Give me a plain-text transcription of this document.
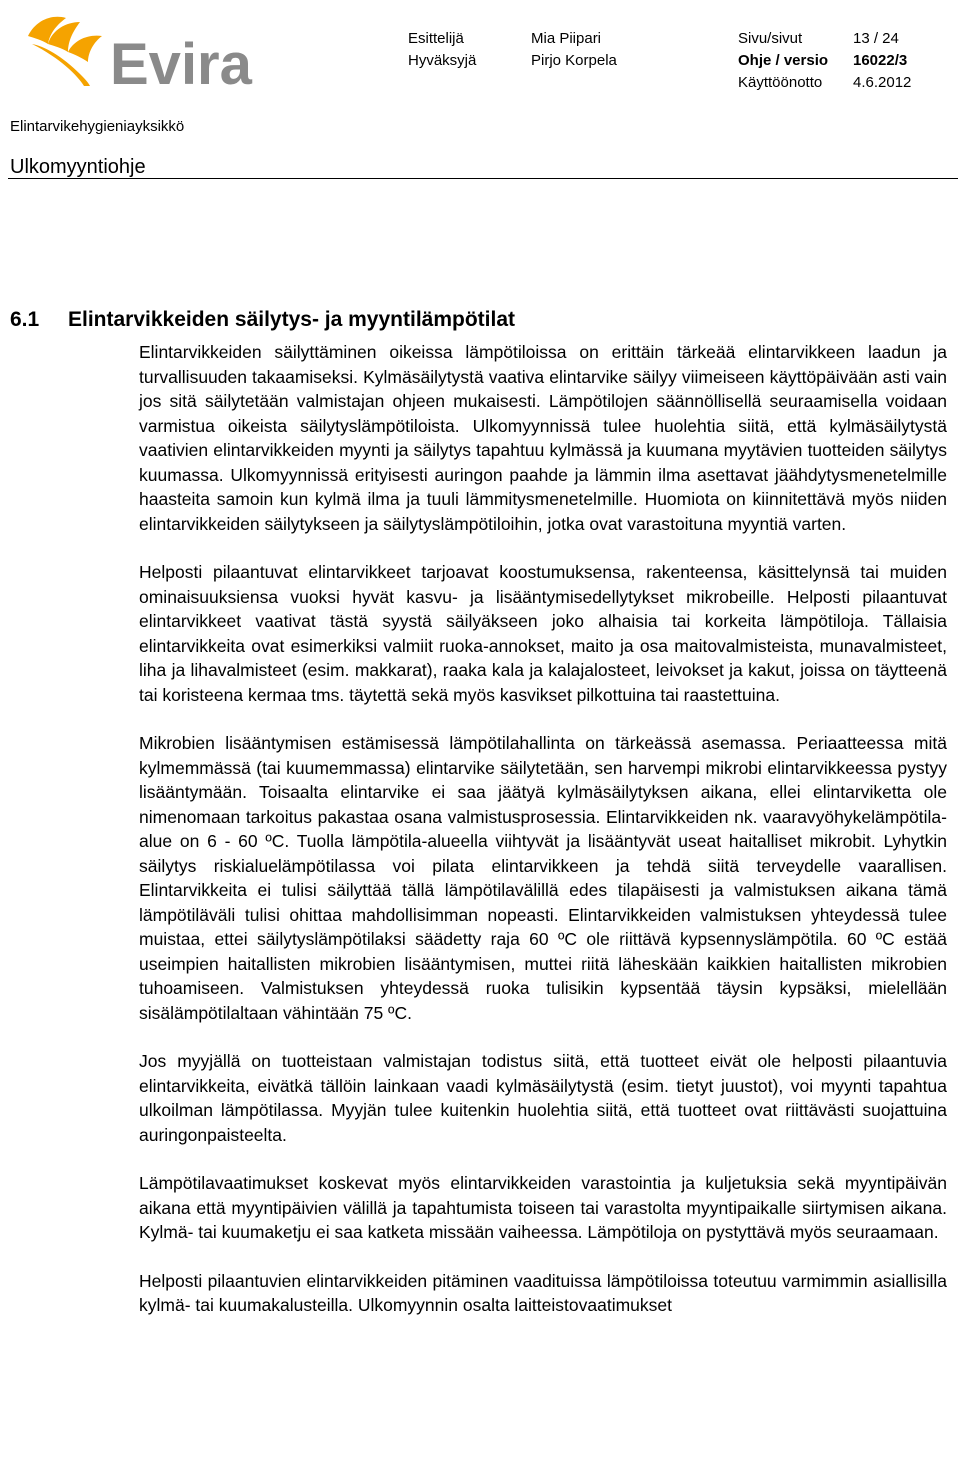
Evira	Esittelijä	Mia Piipari	Sivu/sivut	13 / 24
Hyväksyjä	Pirjo Korpela	Ohje / versio 16022/3
Käyttöönotto 4.6.2012
Elintarvikehygieniayksikkö
Ulkomyyntiohje
6.1 Elintarvikkeiden säilytys- ja myyntilämpötilat

Elintarvikkeiden säilyttäminen oikeissa lämpötiloissa on erittäin tärkeää elintarvikkeen laadun ja turvallisuuden takaamiseksi. Kylmäsäilytystä vaativa elintarvike säilyy viimeiseen käyttöpäivään asti vain jos sitä säilytetään valmistajan ohjeen mukaisesti. Lämpötilojen säännöllisellä seuraamisella voidaan varmistua oikeista säilytyslämpötiloista. Ulkomyynnissä tulee huolehtia siitä, että kylmäsäilytystä vaativien elintarvikkeiden myynti ja säilytys tapahtuu kylmässä ja kuumana myytävien tuotteiden säilytys kuumassa. Ulkomyynnissä erityisesti auringon paahde ja lämmin ilma asettavat jäähdytysmenetelmille haasteita samoin kun kylmä ilma ja tuuli lämmitysmenetelmille. Huomiota on kiinnitettävä myös niiden elintarvikkeiden säilytykseen ja säilytyslämpötiloihin, jotka ovat varastoituna myyntiä varten.

Helposti pilaantuvat elintarvikkeet tarjoavat koostumuksensa, rakenteensa, käsittelynsä tai muiden ominaisuuksiensa vuoksi hyvät kasvu- ja lisääntymisedellytykset mikrobeille. Helposti pilaantuvat elintarvikkeet vaativat tästä syystä säilyäkseen joko alhaisia tai korkeita lämpötiloja. Tällaisia elintarvikkeita ovat esimerkiksi valmiit ruoka-annokset, maito ja osa maitovalmisteista, munavalmisteet, liha ja lihavalmisteet (esim. makkarat), raaka kala ja kalajalosteet, leivokset ja kakut, joissa on täytteenä tai koristeena kermaa tms. täytettä sekä myös kasvikset pilkottuina tai raastettuina.

Mikrobien lisääntymisen estämisessä lämpötilahallinta on tärkeässä asemassa. Periaatteessa mitä kylmemmässä (tai kuumemmassa) elintarvike säilytetään, sen harvempi mikrobi elintarvikkeessa pystyy lisääntymään. Toisaalta elintarvike ei saa jäätyä kylmäsäilytyksen aikana, ellei elintarviketta ole nimenomaan tarkoitus pakastaa osana valmistusprosessia. Elintarvikkeiden nk. vaaravyöhykelämpötila-alue on 6 - 60 ºC. Tuolla lämpötila-alueella viihtyvät ja lisääntyvät useat haitalliset mikrobit. Lyhytkin säilytys riskialuelämpötilassa voi pilata elintarvikkeen ja tehdä siitä terveydelle vaarallisen. Elintarvikkeita ei tulisi säilyttää tällä lämpötilavälillä edes tilapäisesti ja valmistuksen aikana tämä lämpötiläväli tulisi ohittaa mahdollisimman nopeasti. Elintarvikkeiden valmistuksen yhteydessä tulee muistaa, ettei säilytyslämpötilaksi säädetty raja 60 ºC ole riittävä kypsennyslämpötila. 60 ºC estää useimpien haitallisten mikrobien lisääntymisen, muttei riitä läheskään kaikkien haitallisten mikrobien tuhoamiseen. Valmistuksen yhteydessä ruoka tulisikin kypsentää täysin kypsäksi, mielellään sisälämpötilaltaan vähintään 75 ºC.

Jos myyjällä on tuotteistaan valmistajan todistus siitä, että tuotteet eivät ole helposti pilaantuvia elintarvikkeita, eivätkä tällöin lainkaan vaadi kylmäsäilytystä (esim. tietyt juustot), voi myynti tapahtua ulkoilman lämpötilassa. Myyjän tulee kuitenkin huolehtia siitä, että tuotteet ovat riittävästi suojattuina auringonpaisteelta.

Lämpötilavaatimukset koskevat myös elintarvikkeiden varastointia ja kuljetuksia sekä myyntipäivän aikana että myyntipäivien välillä ja tapahtumista toiseen tai varastolta myyntipaikalle siirtymisen aikana. Kylmä- tai kuumaketju ei saa katketa missään vaiheessa. Lämpötiloja on pystyttävä myös seuraamaan.

Helposti pilaantuvien elintarvikkeiden pitäminen vaadituissa lämpötiloissa toteutuu varmimmin asiallisilla kylmä- tai kuumakalusteilla. Ulkomyynnin osalta laitteistovaatimukset
